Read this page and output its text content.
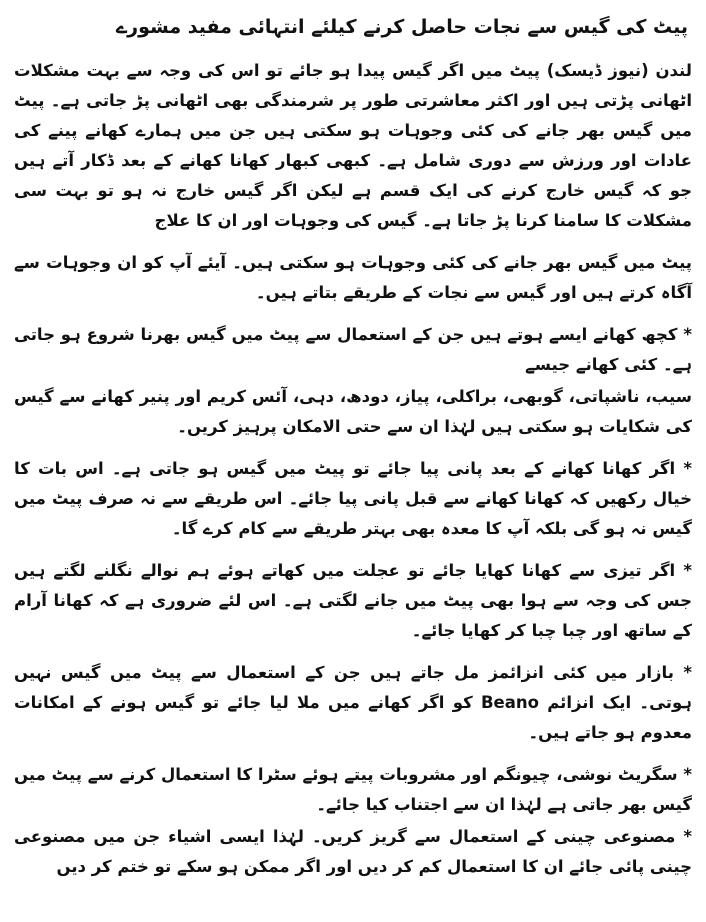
پیٹ کی گیس سے نجات حاصل کرنے کیلئے انتہائی مفید مشورے

لندن (نیوز ڈیسک) پیٹ میں اگر گیس پیدا ہو جائے تو اس کی وجہ سے بہت مشکلات اٹھانی پڑتی ہیں اور اکثر معاشرتی طور پر شرمندگی بھی اٹھانی پڑ جاتی ہے۔ پیٹ میں گیس بھر جانے کی کئی وجوہات ہو سکتی ہیں جن میں ہمارے کھانے پینے کی عادات اور ورزش سے دوری شامل ہے۔ کبھی کبھار کھانا کھانے کے بعد ڈکار آتے ہیں جو کہ گیس خارج کرنے کی ایک قسم ہے لیکن اگر گیس خارج نہ ہو تو بہت سی مشکلات کا سامنا کرنا پڑ جاتا ہے۔ گیس کی وجوہات اور ان کا علاج

پیٹ میں گیس بھر جانے کی کئی وجوہات ہو سکتی ہیں۔ آیئے آپ کو ان وجوہات سے آگاہ کرتے ہیں اور گیس سے نجات کے طریقے بتاتے ہیں۔

* کچھ کھانے ایسے ہوتے ہیں جن کے استعمال سے پیٹ میں گیس بھرنا شروع ہو جاتی ہے۔ کئی کھانے جیسے

سیب، ناشپاتی، گوبھی، براکلی، پیاز، دودھ، دہی، آئس کریم اور پنیر کھانے سے گیس کی شکایات ہو سکتی ہیں لہٰذا ان سے حتی الامکان پرہیز کریں۔

* اگر کھانا کھانے کے بعد پانی پیا جائے تو پیٹ میں گیس ہو جاتی ہے۔ اس بات کا خیال رکھیں کہ کھانا کھانے سے قبل پانی پیا جائے۔ اس طریقے سے نہ صرف پیٹ میں گیس نہ ہو گی بلکہ آپ کا معدہ بھی بہتر طریقے سے کام کرے گا۔

* اگر تیزی سے کھانا کھایا جائے تو عجلت میں کھاتے ہوئے ہم نوالے نگلنے لگتے ہیں جس کی وجہ سے ہوا بھی پیٹ میں جانے لگتی ہے۔ اس لئے ضروری ہے کہ کھانا آرام کے ساتھ اور چبا چبا کر کھایا جائے۔

* بازار میں کئی انزائمز مل جاتے ہیں جن کے استعمال سے پیٹ میں گیس نہیں ہوتی۔ ایک انزائم Beano کو اگر کھانے میں ملا لیا جائے تو گیس ہونے کے امکانات معدوم ہو جاتے ہیں۔

* سگریٹ نوشی، چیونگم اور مشروبات پیتے ہوئے سٹرا کا استعمال کرنے سے پیٹ میں گیس بھر جاتی ہے لہٰذا ان سے اجتناب کیا جائے۔

* مصنوعی چینی کے استعمال سے گریز کریں۔ لہٰذا ایسی اشیاء جن میں مصنوعی چینی پائی جائے ان کا استعمال کم کر دیں اور اگر ممکن ہو سکے تو ختم کر دیں
